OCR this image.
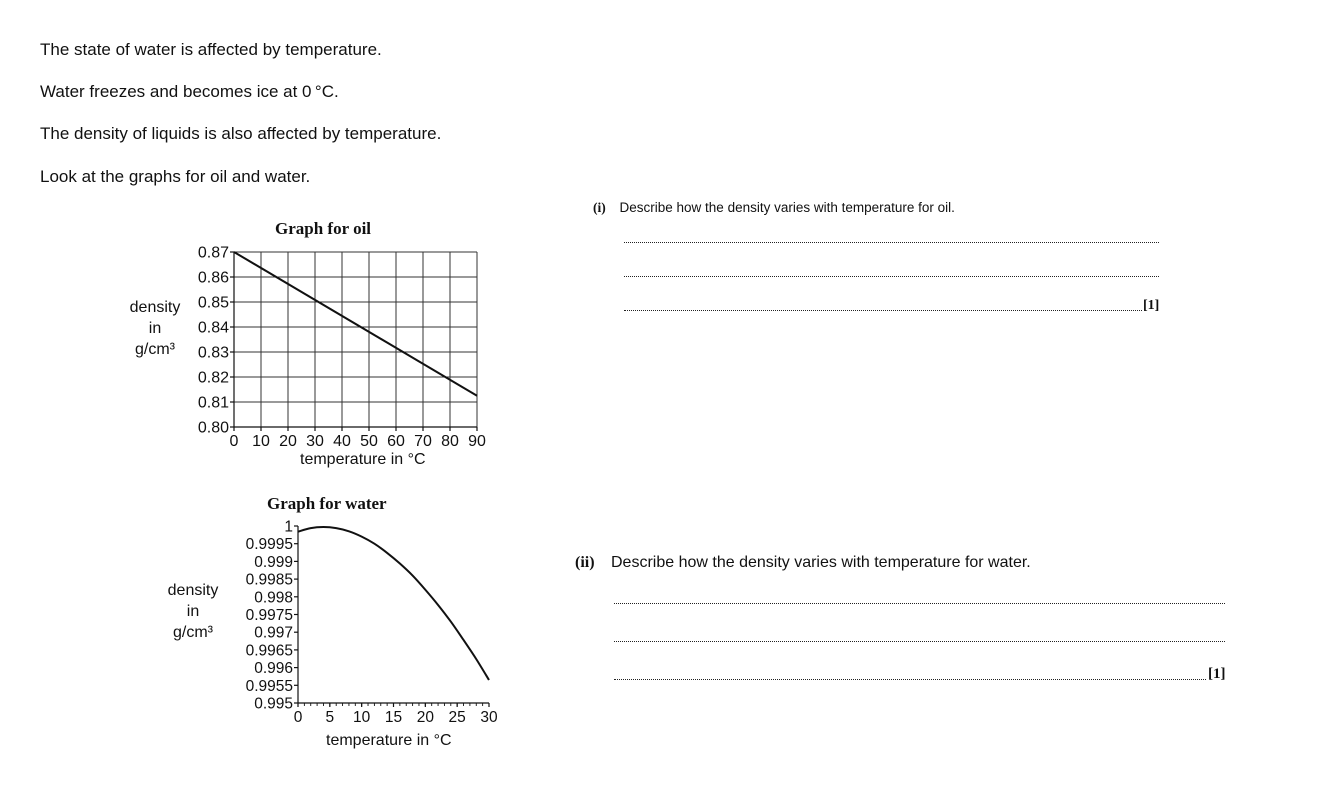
The state of water is affected by temperature.

Water freezes and becomes ice at 0 °C.

The density of liquids is also affected by temperature.

Look at the graphs for oil and water.

Graph for oil
density
in
g/cm³
temperature in °C
0.87
0.86
0.85
0.84
0.83
0.82
0.81
0.80
0 10 20 30 40 50 60 70 80 90
Graph for water
density
in
g/cm³
temperature in °C
1
0.9995
0.999
0.9985
0.998
0.9975
0.997
0.9965
0.996
0.9955
0.995
0 5 10 15 20 25 30
(i) Describe how the density varies with temperature for oil.
[1]
(ii) Describe how the density varies with temperature for water.
[1]
